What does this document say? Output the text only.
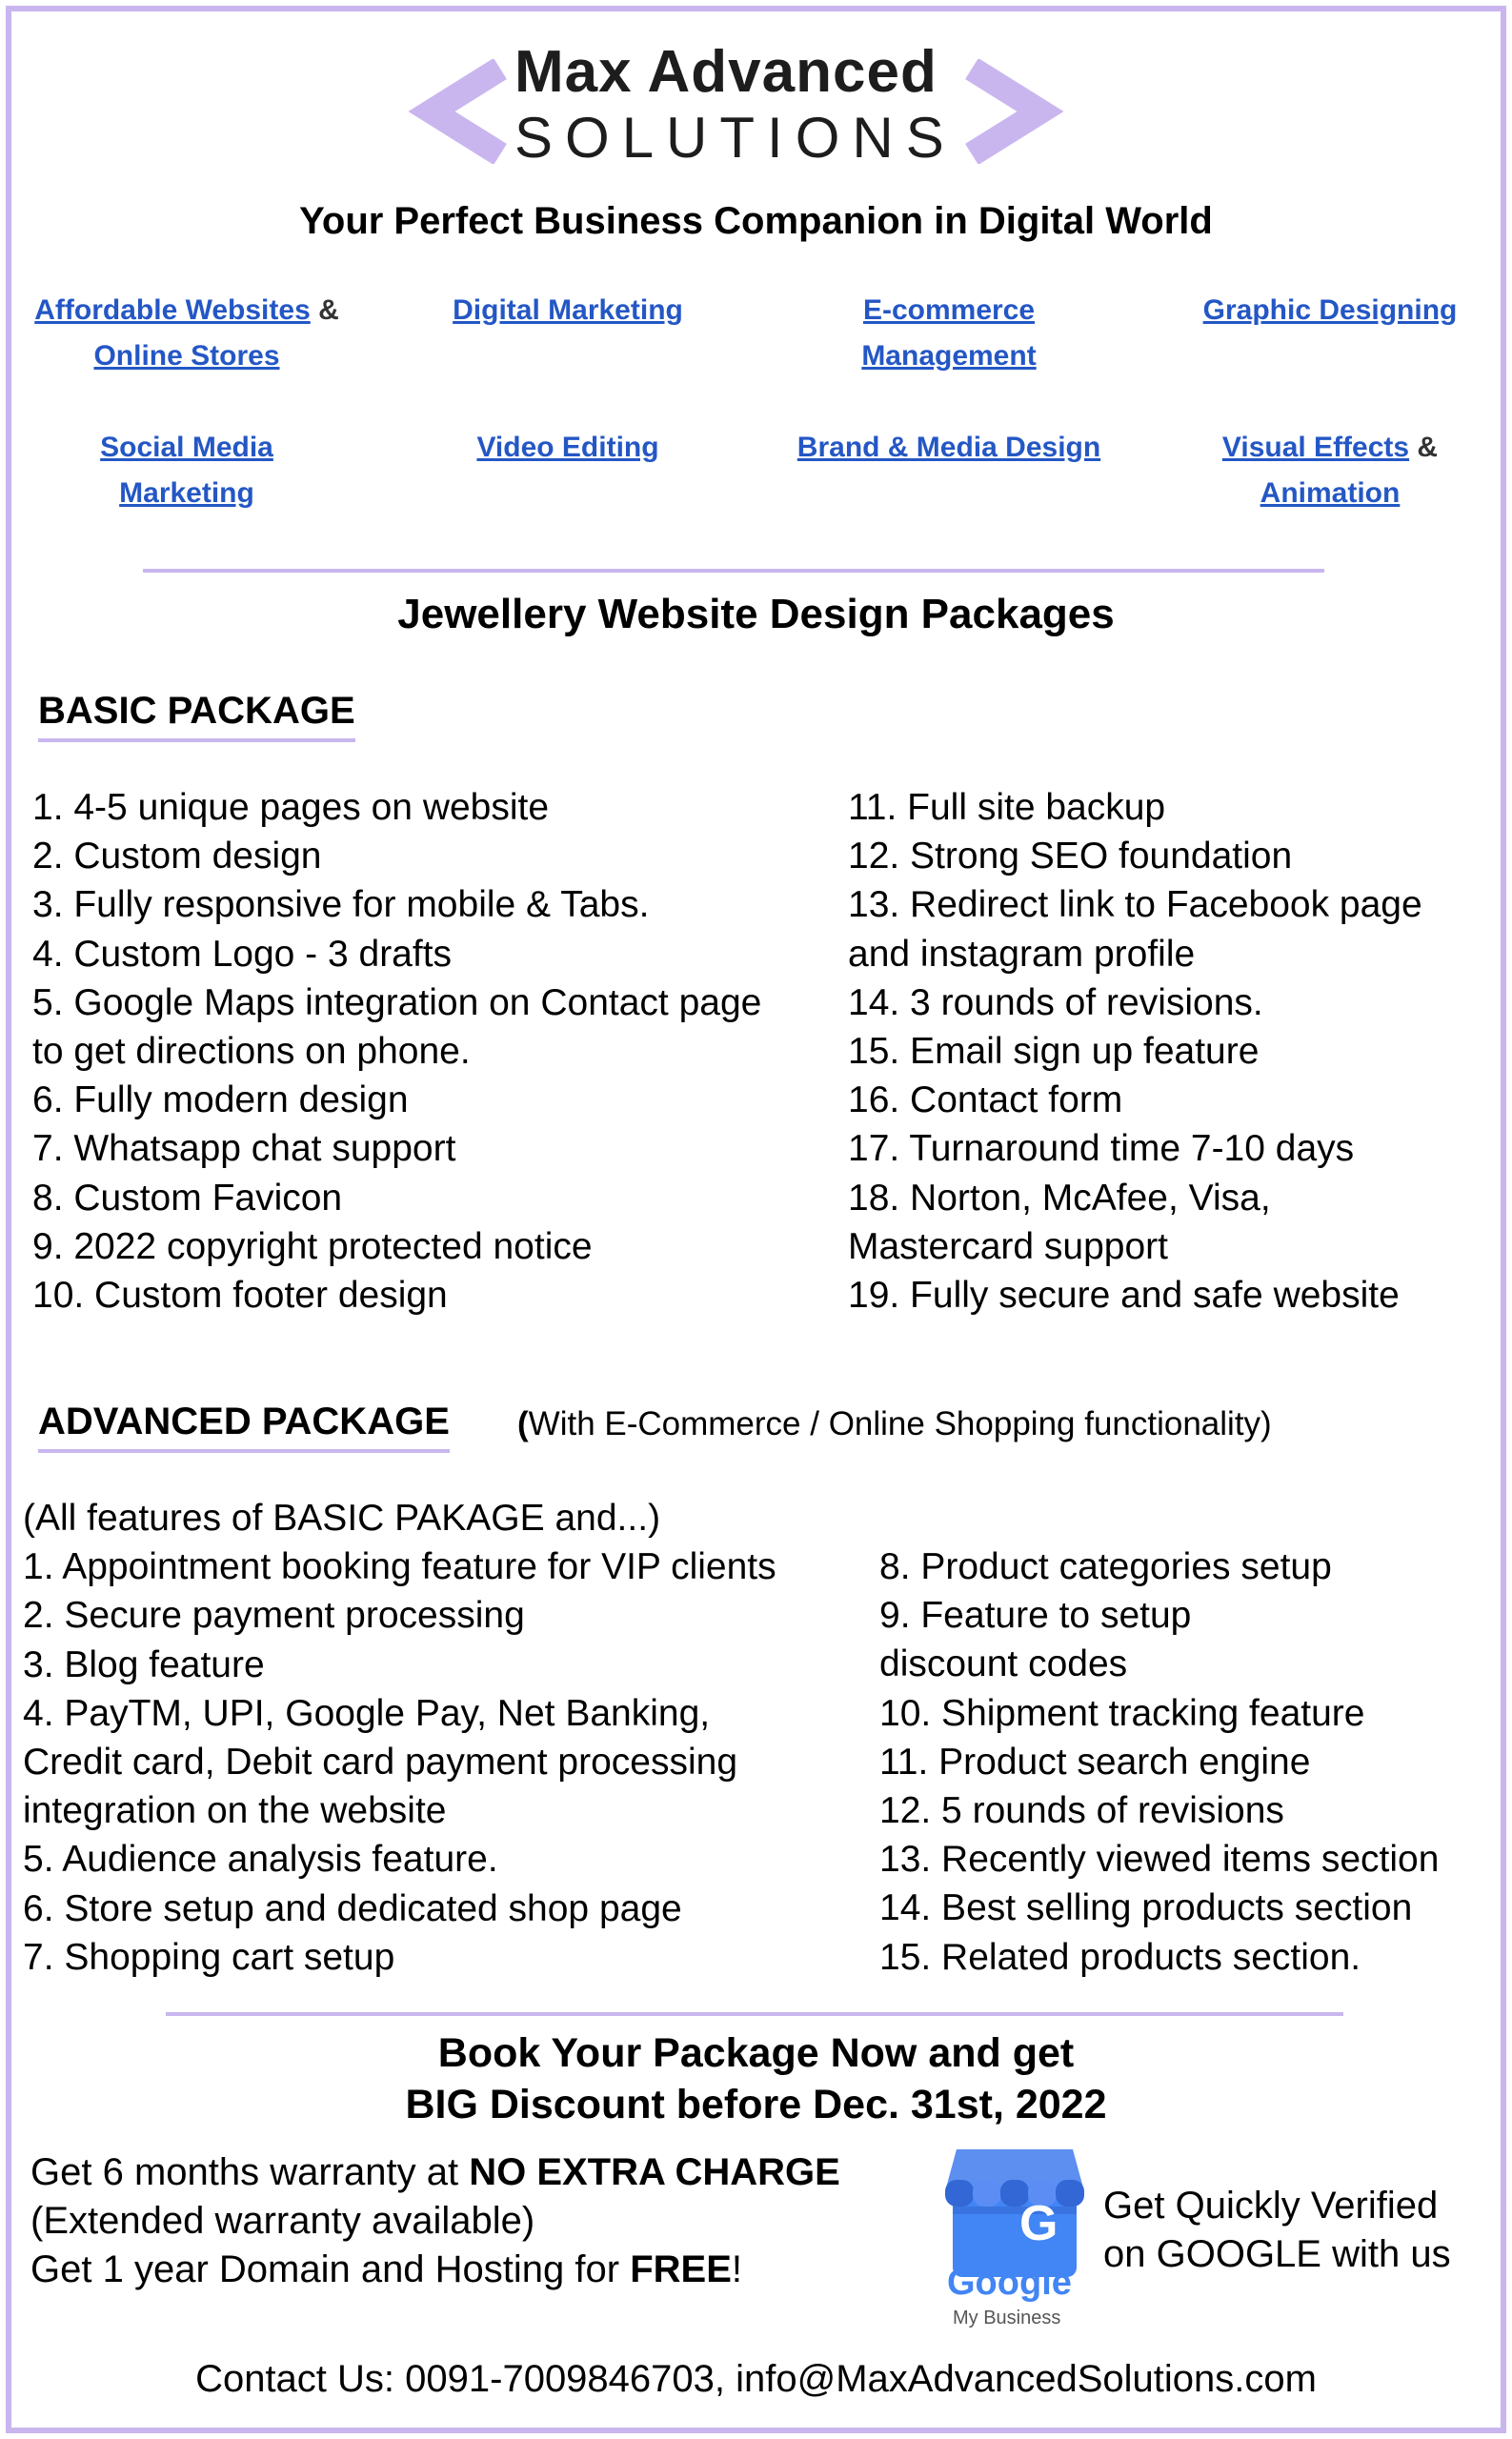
Max Advanced
SOLUTIONS
Your Perfect Business Companion in Digital World
Affordable Websites &
Online Stores
Digital Marketing	E-commerce
Management
Graphic Designing
Social Media
Marketing
Video Editing	Brand & Media Design	Visual Effects &
Animation
Jewellery Website Design Packages
BASIC PACKAGE
1. 4-5 unique pages on website
2. Custom design
3. Fully responsive for mobile & Tabs.
4. Custom Logo - 3 drafts
5. Google Maps integration on Contact page
to get directions on phone.
6. Fully modern design
7. Whatsapp chat support
8. Custom Favicon
9. 2022 copyright protected notice
10. Custom footer design
11. Full site backup
12. Strong SEO foundation
13. Redirect link to Facebook page
and instagram profile
14. 3 rounds of revisions.
15. Email sign up feature
16. Contact form
17. Turnaround time 7-10 days
18. Norton, McAfee, Visa,
Mastercard support
19. Fully secure and safe website
ADVANCED PACKAGE (With E-Commerce / Online Shopping functionality)
(All features of BASIC PAKAGE and...)
1. Appointment booking feature for VIP clients
2. Secure payment processing
3. Blog feature
4. PayTM, UPI, Google Pay, Net Banking,
Credit card, Debit card payment processing
integration on the website
5. Audience analysis feature.
6. Store setup and dedicated shop page
7. Shopping cart setup
8. Product categories setup
9. Feature to setup
discount codes
10. Shipment tracking feature
11. Product search engine
12. 5 rounds of revisions
13. Recently viewed items section
14. Best selling products section
15. Related products section.
Book Your Package Now and get
BIG Discount before Dec. 31st, 2022
Get 6 months warranty at NO EXTRA CHARGE
(Extended warranty available)
Get 1 year Domain and Hosting for FREE!
G
Google
My Business
Get Quickly Verified
on GOOGLE with us
Contact Us: 0091-7009846703, info@MaxAdvancedSolutions.com
